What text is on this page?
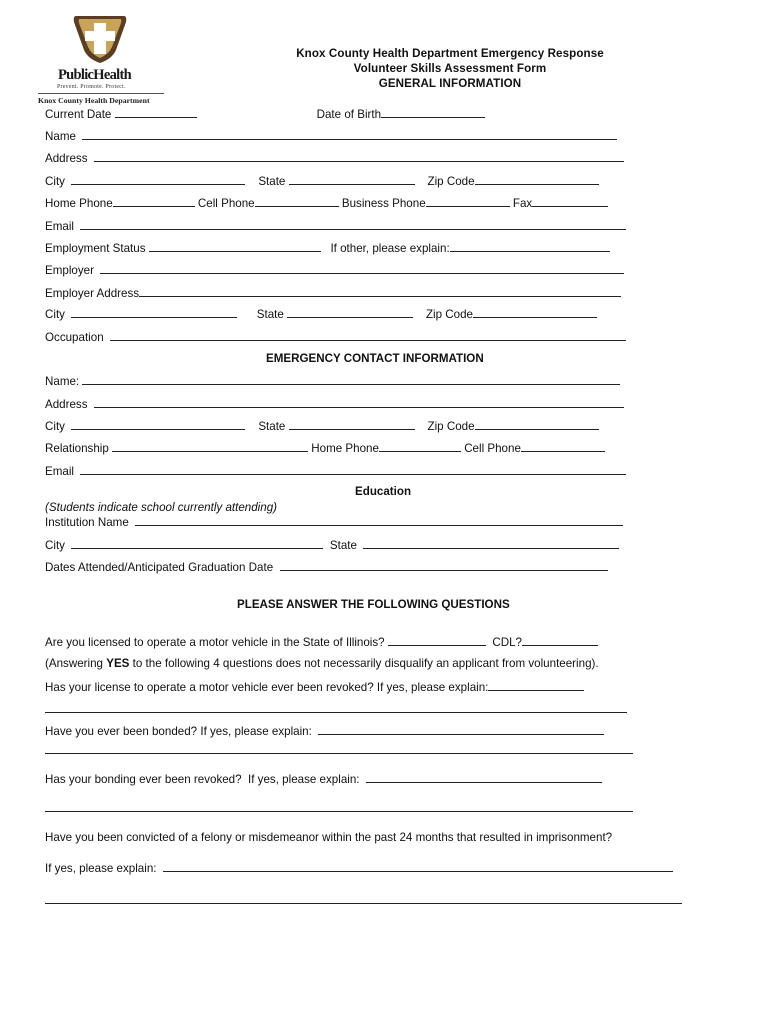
PublicHealth
Prevent. Promote. Protect.
Knox County Health Department
Knox County Health Department Emergency Response
Volunteer Skills Assessment Form
GENERAL INFORMATION
Current Date	Date of Birth
Name
Address
City	State	Zip Code
Home Phone	Cell Phone	Business Phone	Fax
Email
Employment Status	If other, please explain:
Employer
Employer Address
City	State	Zip Code
Occupation
EMERGENCY CONTACT INFORMATION
Name:
Address
City	State	Zip Code
Relationship	Home Phone	Cell Phone
Email
Education
(Students indicate school currently attending)
Institution Name
City	State
Dates Attended/Anticipated Graduation Date
PLEASE ANSWER THE FOLLOWING QUESTIONS
Are you licensed to operate a motor vehicle in the State of Illinois?	CDL?
(Answering YES to the following 4 questions does not necessarily disqualify an applicant from volunteering).
Has your license to operate a motor vehicle ever been revoked? If yes, please explain:
Have you ever been bonded? If yes, please explain:
Has your bonding ever been revoked?  If yes, please explain:
Have you been convicted of a felony or misdemeanor within the past 24 months that resulted in imprisonment?
If yes, please explain:
